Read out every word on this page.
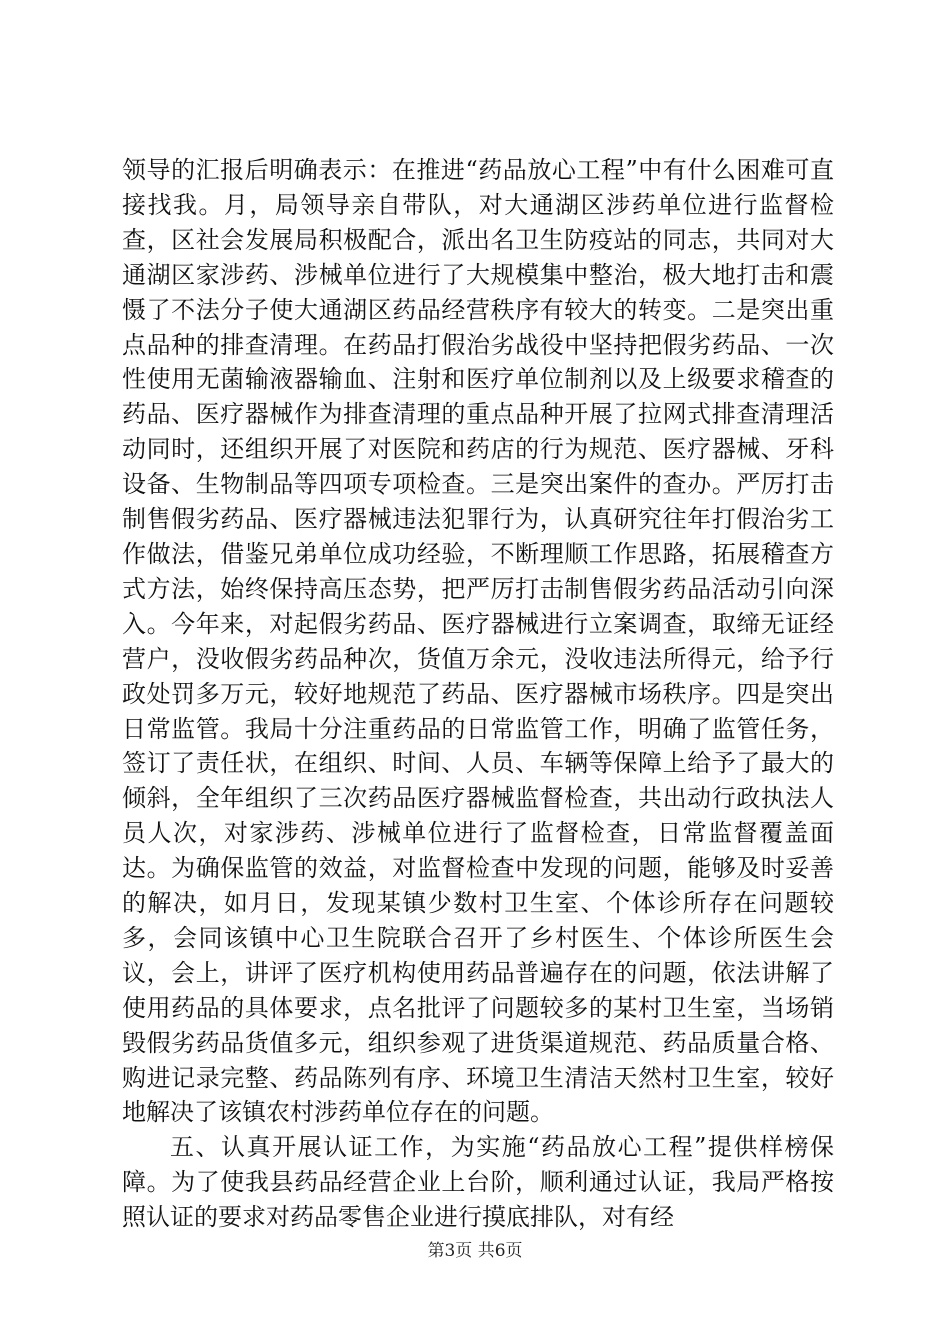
领导的汇报后明确表示：在推进“药品放心工程”中有什么困难可直接找我。月，局领导亲自带队，对大通湖区涉药单位进行监督检查，区社会发展局积极配合，派出名卫生防疫站的同志，共同对大通湖区家涉药、涉械单位进行了大规模集中整治，极大地打击和震慑了不法分子使大通湖区药品经营秩序有较大的转变。二是突出重点品种的排查清理。在药品打假治劣战役中坚持把假劣药品、一次性使用无菌输液器输血、注射和医疗单位制剂以及上级要求稽查的药品、医疗器械作为排查清理的重点品种开展了拉网式排查清理活动同时，还组织开展了对医院和药店的行为规范、医疗器械、牙科设备、生物制品等四项专项检查。三是突出案件的查办。严厉打击制售假劣药品、医疗器械违法犯罪行为，认真研究往年打假治劣工作做法，借鉴兄弟单位成功经验，不断理顺工作思路，拓展稽查方式方法，始终保持高压态势，把严厉打击制售假劣药品活动引向深入。今年来，对起假劣药品、医疗器械进行立案调查，取缔无证经营户，没收假劣药品种次，货值万余元，没收违法所得元，给予行政处罚多万元，较好地规范了药品、医疗器械市场秩序。四是突出日常监管。我局十分注重药品的日常监管工作，明确了监管任务，签订了责任状，在组织、时间、人员、车辆等保障上给予了最大的倾斜，全年组织了三次药品医疗器械监督检查，共出动行政执法人员人次，对家涉药、涉械单位进行了监督检查，日常监督覆盖面达。为确保监管的效益，对监督检查中发现的问题，能够及时妥善的解决，如月日，发现某镇少数村卫生室、个体诊所存在问题较多，会同该镇中心卫生院联合召开了乡村医生、个体诊所医生会议，会上，讲评了医疗机构使用药品普遍存在的问题，依法讲解了使用药品的具体要求，点名批评了问题较多的某村卫生室，当场销毁假劣药品货值多元，组织参观了进货渠道规范、药品质量合格、购进记录完整、药品陈列有序、环境卫生清洁天然村卫生室，较好地解决了该镇农村涉药单位存在的问题。

五、认真开展认证工作，为实施“药品放心工程”提供样榜保障。为了使我县药品经营企业上台阶，顺利通过认证，我局严格按照认证的要求对药品零售企业进行摸底排队，对有经

第3页 共6页
